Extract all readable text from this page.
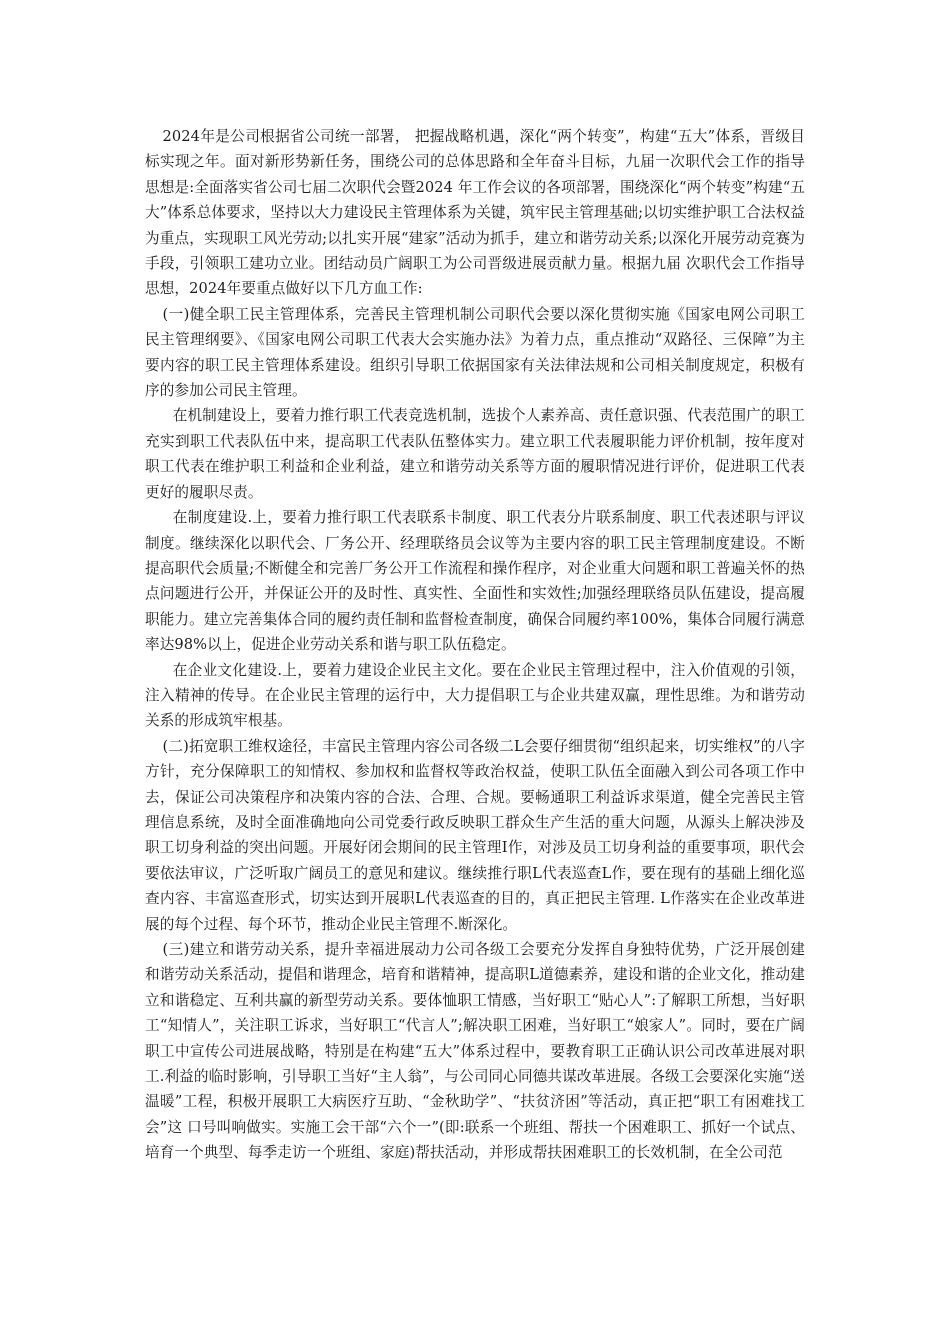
2024年是公司根据省公司统一部署， 把握战略机遇，深化“两个转变”，构建“五大”体系，晋级目标实现之年。面对新形势新任务，围绕公司的总体思路和全年奋斗目标，九届一次职代会工作的指导思想是:全面落实省公司七届二次职代会暨2024 年工作会议的各项部署，围绕深化“两个转变”构建“五大”体系总体要求，坚持以大力建设民主管理体系为关键，筑牢民主管理基础;以切实维护职工合法权益为重点，实现职工风光劳动;以扎实开展“建家”活动为抓手，建立和谐劳动关系;以深化开展劳动竞赛为手段，引领职工建功立业。团结动员广阔职工为公司晋级进展贡献力量。根据九届 次职代会工作指导思想，2024年要重点做好以下几方血工作:

(一)健全职工民主管理体系，完善民主管理机制公司职代会要以深化贯彻实施《国家电网公司职工民主管理纲要》、《国家电网公司职工代表大会实施办法》为着力点，重点推动“双路径、三保障”为主要内容的职工民主管理体系建设。组织引导职工依据国家有关法律法规和公司相关制度规定，积极有序的参加公司民主管理。

在机制建设上，要着力推行职工代表竞选机制，选拔个人素养高、责任意识强、代表范围广的职工充实到职工代表队伍中来，提高职工代表队伍整体实力。建立职工代表履职能力评价机制，按年度对职工代表在维护职工利益和企业利益，建立和谐劳动关系等方面的履职情况进行评价，促进职工代表更好的履职尽责。

在制度建设.上，要着力推行职工代表联系卡制度、职工代表分片联系制度、职工代表述职与评议制度。继续深化以职代会、厂务公开、经理联络员会议等为主要内容的职工民主管理制度建设。不断提高职代会质量;不断健全和完善厂务公开工作流程和操作程序，对企业重大问题和职工普遍关怀的热点问题进行公开，并保证公开的及时性、真实性、全面性和实效性;加强经理联络员队伍建设，提高履职能力。建立完善集体合同的履约责任制和监督检查制度，确保合同履约率100%，集体合同履行满意率达98%以上，促进企业劳动关系和谐与职工队伍稳定。

在企业文化建设.上，要着力建设企业民主文化。要在企业民主管理过程中，注入价值观的引领，注入精神的传导。在企业民主管理的运行中，大力提倡职工与企业共建双赢，理性思维。为和谐劳动关系的形成筑牢根基。

(二)拓宽职工维权途径，丰富民主管理内容公司各级二L会要仔细贯彻“组织起来，切实维权”的八字方针，充分保障职工的知情权、参加权和监督权等政治权益，使职工队伍全面融入到公司各项工作中去，保证公司决策程序和决策内容的合法、合理、合规。要畅通职工利益诉求渠道，健全完善民主管理信息系统，及时全面准确地向公司党委行政反映职工群众生产生活的重大问题，从源头上解决涉及职工切身利益的突出问题。开展好闭会期间的民主管理I作，对涉及员工切身利益的重要事项，职代会要依法审议，广泛听取广阔员工的意见和建议。继续推行职L代表巡查L作，要在现有的基础上细化巡查内容、丰富巡查形式，切实达到开展职L代表巡查的目的，真正把民主管理. L作落实在企业改革进展的每个过程、每个环节，推动企业民主管理不.断深化。

(三)建立和谐劳动关系，提升幸福进展动力公司各级工会要充分发挥自身独特优势，广泛开展创建和谐劳动关系活动，提倡和谐理念，培育和谐精神，提高职L道德素养，建设和谐的企业文化，推动建立和谐稳定、互利共赢的新型劳动关系。要体恤职工情感，当好职工“贴心人”:了解职工所想，当好职工“知情人”，关注职工诉求，当好职工“代言人”;解决职工困难，当好职工“娘家人”。同时，要在广阔职工中宣传公司进展战略，特别是在构建“五大”体系过程中，要教育职工正确认识公司改革进展对职工.利益的临时影响，引导职工当好“主人翁”，与公司同心同德共谋改革进展。各级工会要深化实施“送温暖”工程，积极开展职工大病医疗互助、“金秋助学”、“扶贫济困”等活动，真正把“职工有困难找工会”这 口号叫响做实。实施工会干部“六个一”(即:联系一个班组、帮扶一个困难职工、抓好一个试点、培育一个典型、每季走访一个班组、家庭)帮扶活动，并形成帮扶困难职工的长效机制，在全公司范
